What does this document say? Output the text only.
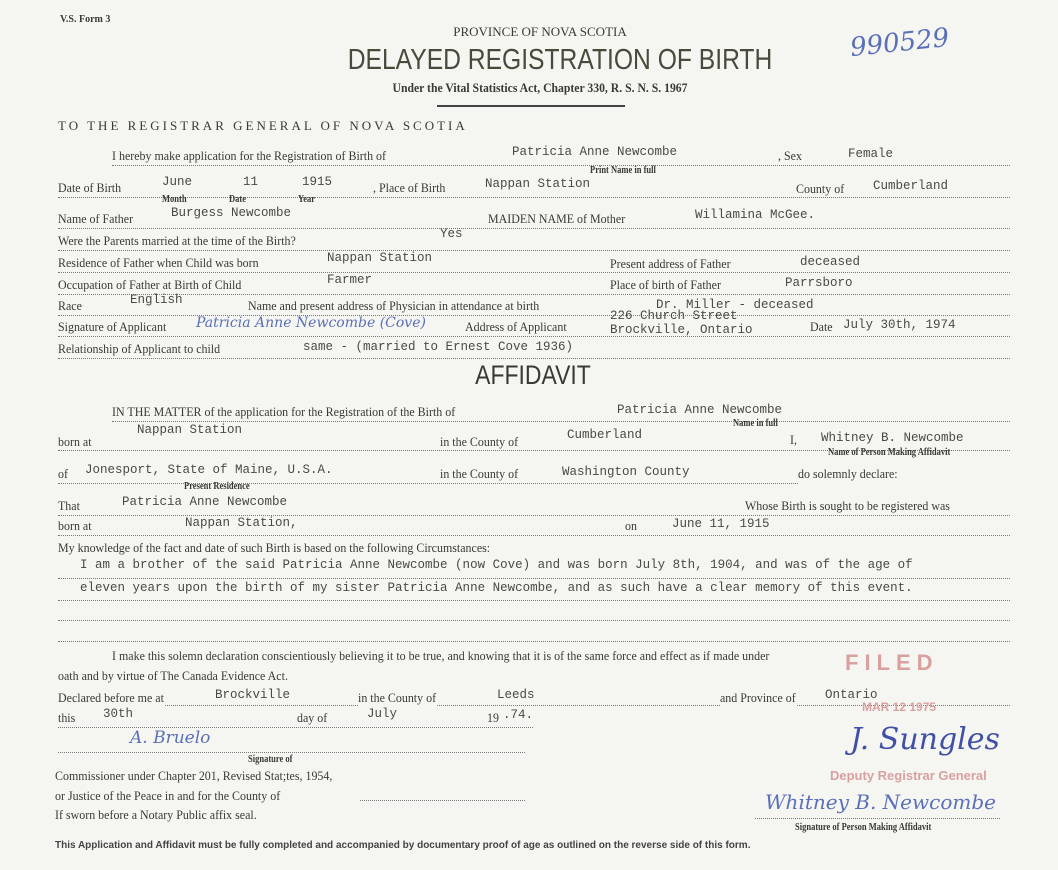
V.S. Form 3
PROVINCE OF NOVA SCOTIA
DELAYED REGISTRATION OF BIRTH
Under the Vital Statistics Act, Chapter 330, R. S. N. S. 1967
990529
TO THE REGISTRAR GENERAL OF NOVA SCOTIA
I hereby make application for the Registration of Birth of	Patricia Anne Newcombe	, Sex	Female
Print Name in full
Date of Birth	June	11	1915	, Place of Birth	Nappan Station	County of Cumberland
Month	Date	Year
Name of Father	Burgess Newcombe	MAIDEN NAME of Mother	Willamina McGee.
Were the Parents married at the time of the Birth?	Yes
Residence of Father when Child was born	Nappan Station	Present address of Father	deceased
Occupation of Father at Birth of Child	Farmer	Place of birth of Father	Parrsboro
Race	English	Name and present address of Physician in attendance at birth	Dr. Miller - deceased
Signature of Applicant	Address of Applicant
Patricia Anne Newcombe (Cove)	226 Church Street
Brockville, Ontario	Date July 30th, 1974
Relationship of Applicant to child	same - (married to Ernest Cove 1936)
AFFIDAVIT
IN THE MATTER of the application for the Registration of the Birth of	Patricia Anne Newcombe
Name in full
born at
Nappan Station
in the County of	Cumberland	I, Whitney B. Newcombe
Name of Person Making Affidavit
of Jonesport, State of Maine, U.S.A.	in the County of	Washington County	do solemnly declare:
Present Residence
That	Patricia Anne Newcombe	Whose Birth is sought to be registered was
born at	Nappan Station,	on	June 11, 1915
My knowledge of the fact and date of such Birth is based on the following Circumstances:
I am a brother of the said Patricia Anne Newcombe (now Cove) and was born July 8th, 1904, and was of the age of
eleven years upon the birth of my sister Patricia Anne Newcombe, and as such have a clear memory of this event.
I make this solemn declaration conscientiously believing it to be true, and knowing that it is of the same force and effect as if made under
oath and by virtue of The Canada Evidence Act.
Declared before me at	Brockville	in the County of	Leeds	and Province of Ontario
this 30th	day of	July	19 .74.
A. Bruelo
Signature of
Commissioner under Chapter 201, Revised Stat;tes, 1954,
or Justice of the Peace in and for the County of
If sworn before a Notary Public affix seal.
FILED
MAR 12 1975
J. Sungles
Deputy Registrar General
Whitney B. Newcombe
Signature of Person Making Affidavit
This Application and Affidavit must be fully completed and accompanied by documentary proof of age as outlined on the reverse side of this form.
